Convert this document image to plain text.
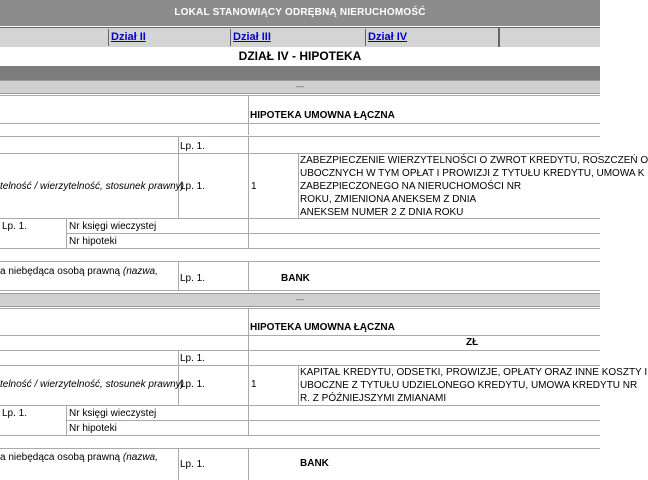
LOKAL STANOWIĄCY ODRĘBNĄ NIERUCHOMOŚĆ
Dział II	Dział III	Dział IV
DZIAŁ IV - HIPOTEKA
---
HIPOTEKA UMOWNA ŁĄCZNA
Lp. 1.
telność / wierzytelność, stosunek prawny)
Lp. 1.	1
ZABEZPIECZENIE WIERZYTELNOŚCI O ZWROT KREDYTU, ROSZCZEŃ O
UBOCZNYCH W TYM OPŁAT I PROWIZJI Z TYTUŁU KREDYTU, UMOWA K
ZABEZPIECZONEGO NA NIERUCHOMOŚCI NR
ROKU, ZMIENIONA ANEKSEM Z DNIA
ANEKSEM NUMER 2 Z DNIA ROKU
Lp. 1.	Nr księgi wieczystej
Nr hipoteki
a niebędąca osobą prawną (nazwa,
Lp. 1.	BANK
---
HIPOTEKA UMOWNA ŁĄCZNA
ZŁ
Lp. 1.
telność / wierzytelność, stosunek prawny)
Lp. 1.	1
KAPITAŁ KREDYTU, ODSETKI, PROWIZJE, OPŁATY ORAZ INNE KOSZTY I
UBOCZNE Z TYTUŁU UDZIELONEGO KREDYTU, UMOWA KREDYTU NR
R. Z PÓŹNIEJSZYMI ZMIANAMI
Lp. 1.	Nr księgi wieczystej
Nr hipoteki
a niebędąca osobą prawną (nazwa,
Lp. 1.	BANK
